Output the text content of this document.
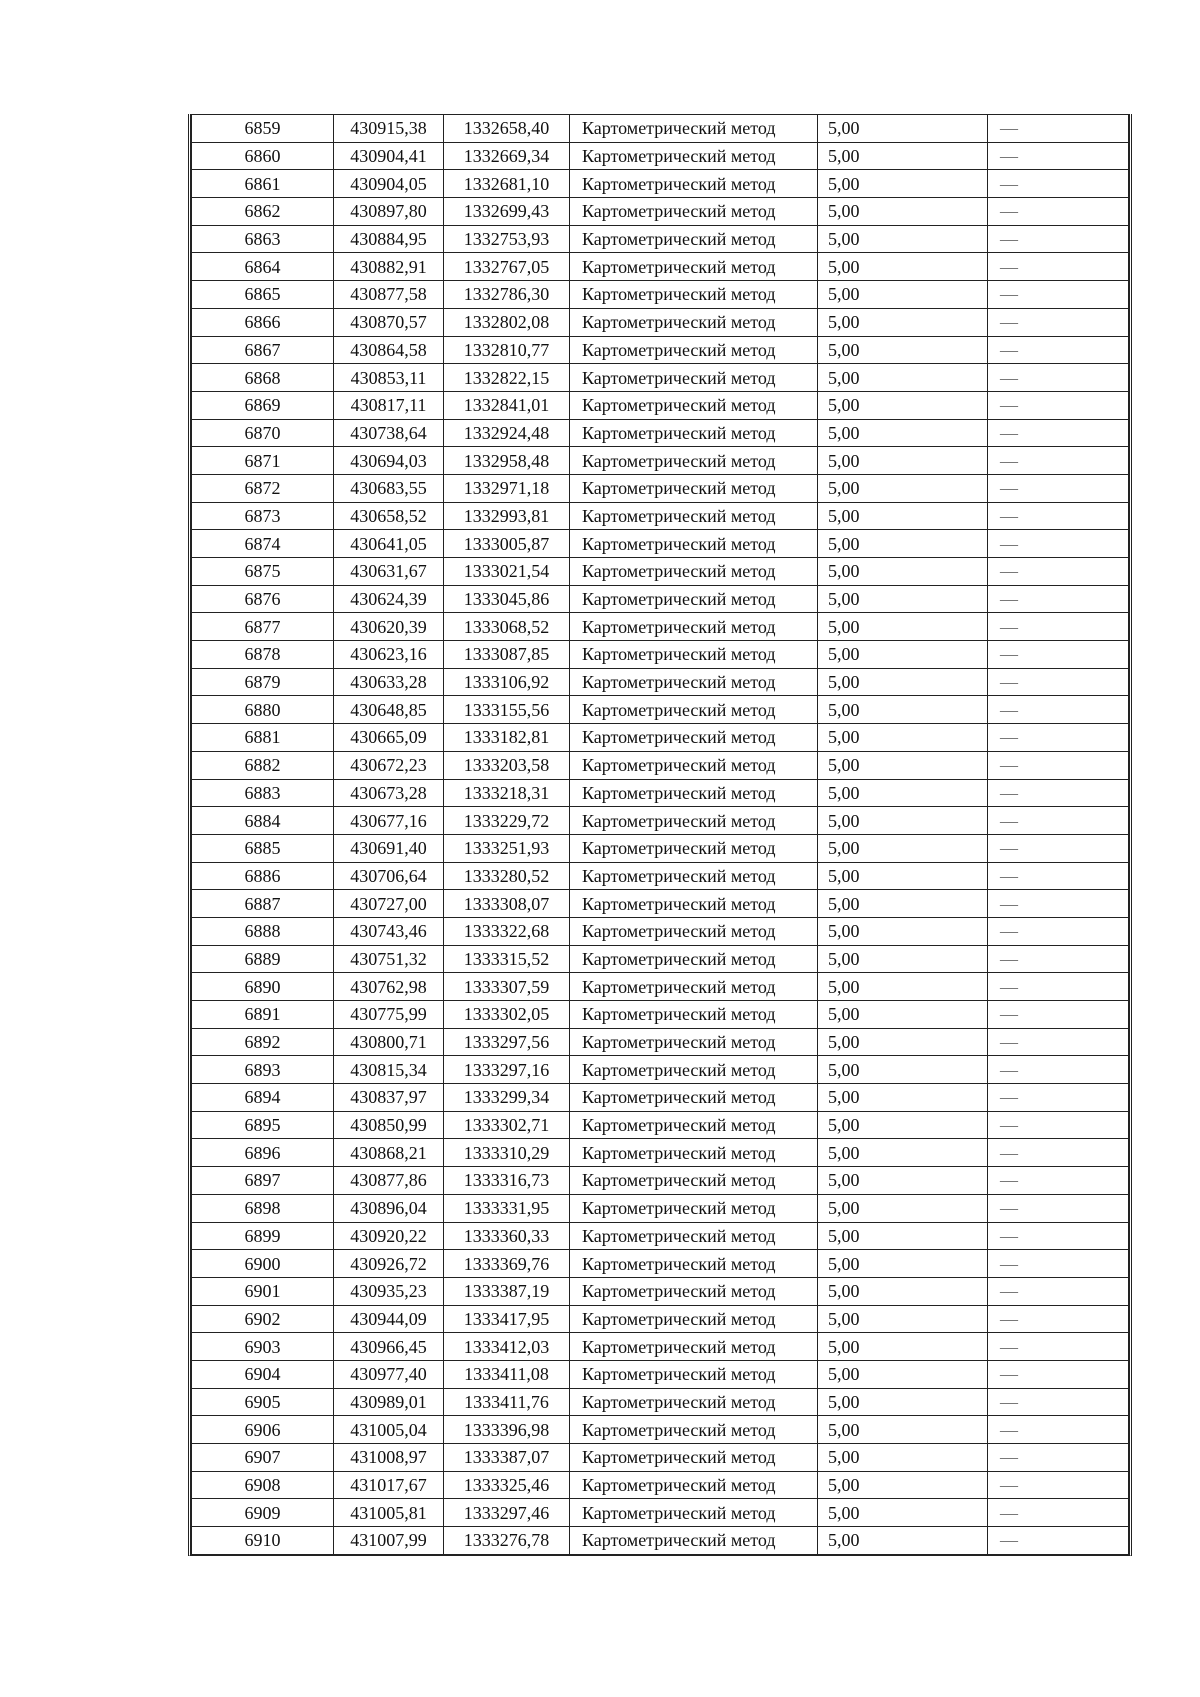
6859	430915,38	1332658,40	Картометрический метод	5,00	—
6860	430904,41	1332669,34	Картометрический метод	5,00	—
6861	430904,05	1332681,10	Картометрический метод	5,00	—
6862	430897,80	1332699,43	Картометрический метод	5,00	—
6863	430884,95	1332753,93	Картометрический метод	5,00	—
6864	430882,91	1332767,05	Картометрический метод	5,00	—
6865	430877,58	1332786,30	Картометрический метод	5,00	—
6866	430870,57	1332802,08	Картометрический метод	5,00	—
6867	430864,58	1332810,77	Картометрический метод	5,00	—
6868	430853,11	1332822,15	Картометрический метод	5,00	—
6869	430817,11	1332841,01	Картометрический метод	5,00	—
6870	430738,64	1332924,48	Картометрический метод	5,00	—
6871	430694,03	1332958,48	Картометрический метод	5,00	—
6872	430683,55	1332971,18	Картометрический метод	5,00	—
6873	430658,52	1332993,81	Картометрический метод	5,00	—
6874	430641,05	1333005,87	Картометрический метод	5,00	—
6875	430631,67	1333021,54	Картометрический метод	5,00	—
6876	430624,39	1333045,86	Картометрический метод	5,00	—
6877	430620,39	1333068,52	Картометрический метод	5,00	—
6878	430623,16	1333087,85	Картометрический метод	5,00	—
6879	430633,28	1333106,92	Картометрический метод	5,00	—
6880	430648,85	1333155,56	Картометрический метод	5,00	—
6881	430665,09	1333182,81	Картометрический метод	5,00	—
6882	430672,23	1333203,58	Картометрический метод	5,00	—
6883	430673,28	1333218,31	Картометрический метод	5,00	—
6884	430677,16	1333229,72	Картометрический метод	5,00	—
6885	430691,40	1333251,93	Картометрический метод	5,00	—
6886	430706,64	1333280,52	Картометрический метод	5,00	—
6887	430727,00	1333308,07	Картометрический метод	5,00	—
6888	430743,46	1333322,68	Картометрический метод	5,00	—
6889	430751,32	1333315,52	Картометрический метод	5,00	—
6890	430762,98	1333307,59	Картометрический метод	5,00	—
6891	430775,99	1333302,05	Картометрический метод	5,00	—
6892	430800,71	1333297,56	Картометрический метод	5,00	—
6893	430815,34	1333297,16	Картометрический метод	5,00	—
6894	430837,97	1333299,34	Картометрический метод	5,00	—
6895	430850,99	1333302,71	Картометрический метод	5,00	—
6896	430868,21	1333310,29	Картометрический метод	5,00	—
6897	430877,86	1333316,73	Картометрический метод	5,00	—
6898	430896,04	1333331,95	Картометрический метод	5,00	—
6899	430920,22	1333360,33	Картометрический метод	5,00	—
6900	430926,72	1333369,76	Картометрический метод	5,00	—
6901	430935,23	1333387,19	Картометрический метод	5,00	—
6902	430944,09	1333417,95	Картометрический метод	5,00	—
6903	430966,45	1333412,03	Картометрический метод	5,00	—
6904	430977,40	1333411,08	Картометрический метод	5,00	—
6905	430989,01	1333411,76	Картометрический метод	5,00	—
6906	431005,04	1333396,98	Картометрический метод	5,00	—
6907	431008,97	1333387,07	Картометрический метод	5,00	—
6908	431017,67	1333325,46	Картометрический метод	5,00	—
6909	431005,81	1333297,46	Картометрический метод	5,00	—
6910	431007,99	1333276,78	Картометрический метод	5,00	—
